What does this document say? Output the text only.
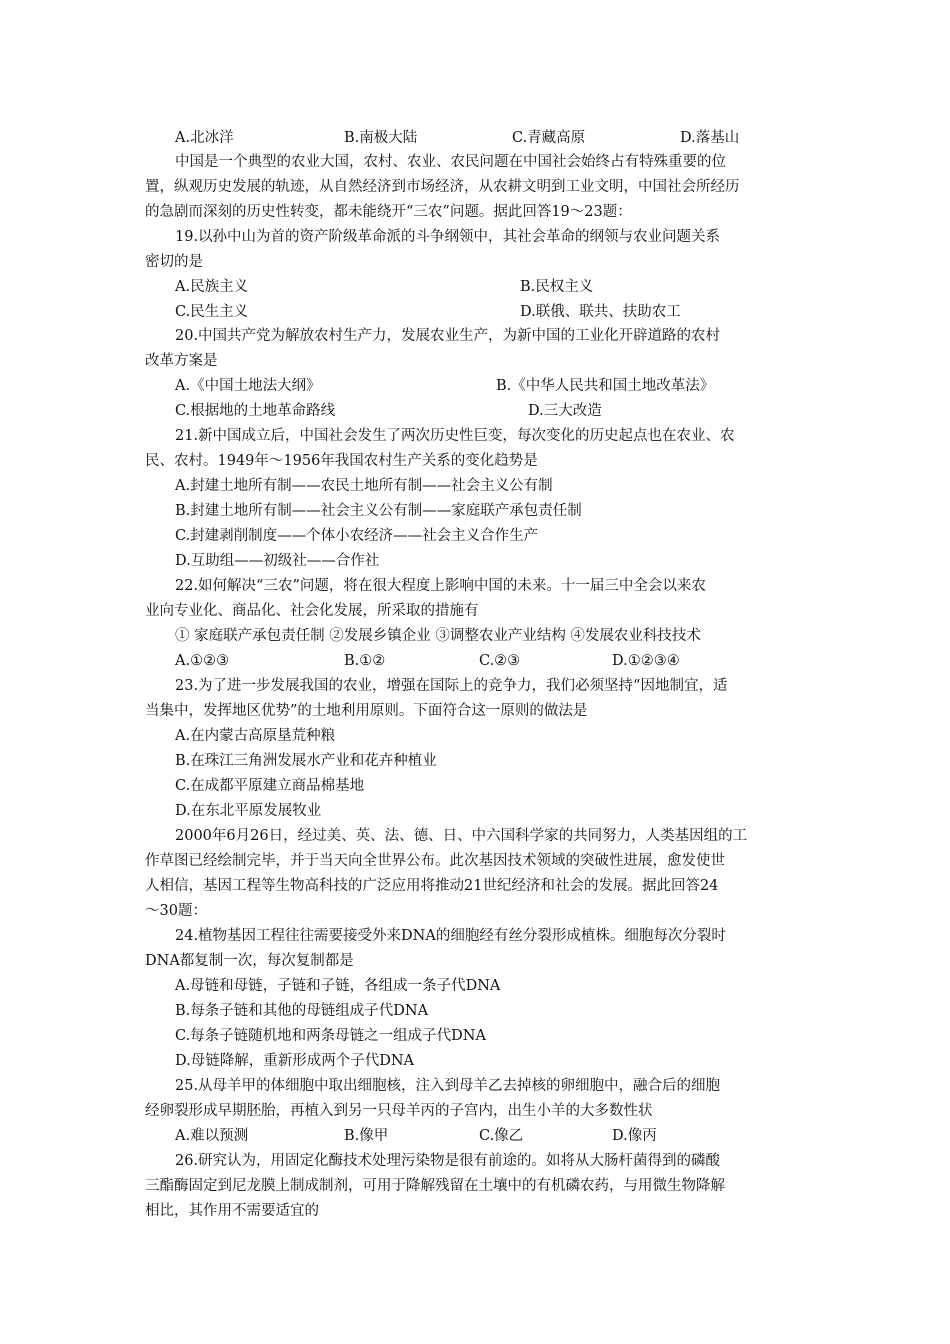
A.北冰洋	B.南极大陆	C.青藏高原	D.落基山
中国是一个典型的农业大国，农村、农业、农民问题在中国社会始终占有特殊重要的位
置，纵观历史发展的轨迹，从自然经济到市场经济，从农耕文明到工业文明，中国社会所经历
的急剧而深刻的历史性转变，都未能绕开“三农”问题。据此回答19～23题：
19.以孙中山为首的资产阶级革命派的斗争纲领中，其社会革命的纲领与农业问题关系
密切的是
A.民族主义	B.民权主义
C.民生主义	D.联俄、联共、扶助农工
20.中国共产党为解放农村生产力，发展农业生产，为新中国的工业化开辟道路的农村
改革方案是
A.《中国土地法大纲》	B.《中华人民共和国土地改革法》
C.根据地的土地革命路线	D.三大改造
21.新中国成立后，中国社会发生了两次历史性巨变，每次变化的历史起点也在农业、农
民、农村。1949年～1956年我国农村生产关系的变化趋势是
A.封建土地所有制——农民土地所有制——社会主义公有制
B.封建土地所有制——社会主义公有制——家庭联产承包责任制
C.封建剥削制度——个体小农经济——社会主义合作生产
D.互助组——初级社——合作社
22.如何解决“三农”问题，将在很大程度上影响中国的未来。十一届三中全会以来农
业向专业化、商品化、社会化发展，所采取的措施有
① 家庭联产承包责任制 ②发展乡镇企业 ③调整农业产业结构 ④发展农业科技技术
A.①②③	B.①②	C.②③	D.①②③④
23.为了进一步发展我国的农业，增强在国际上的竞争力，我们必须坚持“因地制宜，适
当集中，发挥地区优势”的土地利用原则。下面符合这一原则的做法是
A.在内蒙古高原垦荒种粮
B.在珠江三角洲发展水产业和花卉种植业
C.在成都平原建立商品棉基地
D.在东北平原发展牧业
2000年6月26日，经过美、英、法、德、日、中六国科学家的共同努力，人类基因组的工
作草图已经绘制完毕，并于当天向全世界公布。此次基因技术领域的突破性进展，愈发使世
人相信，基因工程等生物高科技的广泛应用将推动21世纪经济和社会的发展。据此回答24
～30题：
24.植物基因工程往往需要接受外来DNA的细胞经有丝分裂形成植株。细胞每次分裂时
DNA都复制一次，每次复制都是
A.母链和母链，子链和子链，各组成一条子代DNA
B.每条子链和其他的母链组成子代DNA
C.每条子链随机地和两条母链之一组成子代DNA
D.母链降解，重新形成两个子代DNA
25.从母羊甲的体细胞中取出细胞核，注入到母羊乙去掉核的卵细胞中，融合后的细胞
经卵裂形成早期胚胎，再植入到另一只母羊丙的子宫内，出生小羊的大多数性状
A.难以预测	B.像甲	C.像乙	D.像丙
26.研究认为，用固定化酶技术处理污染物是很有前途的。如将从大肠杆菌得到的磷酸
三酯酶固定到尼龙膜上制成制剂，可用于降解残留在土壤中的有机磷农药，与用微生物降解
相比，其作用不需要适宜的
